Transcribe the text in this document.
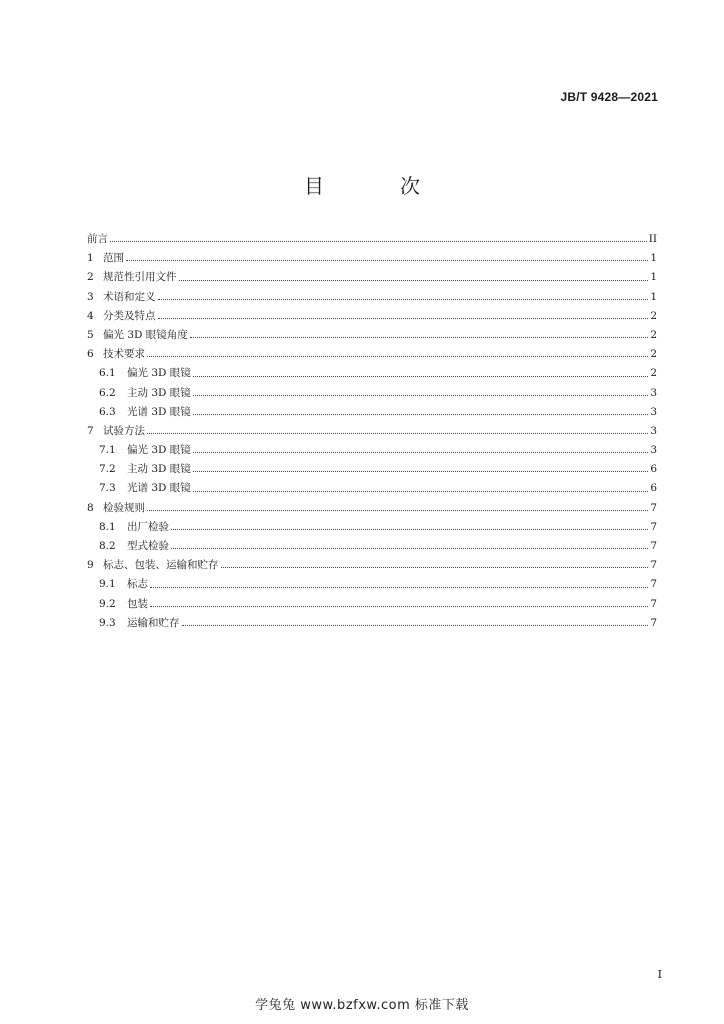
JB/T 9428—2021
目　次
前言	II
1 范围	1
2 规范性引用文件	1
3 术语和定义	1
4 分类及特点	2
5 偏光 3D 眼镜角度	2
6 技术要求	2
6.1	偏光 3D 眼镜	2
6.2	主动 3D 眼镜	3
6.3	光谱 3D 眼镜	3
7 试验方法	3
7.1	偏光 3D 眼镜	3
7.2	主动 3D 眼镜	6
7.3	光谱 3D 眼镜	6
8 检验规则	7
8.1	出厂检验	7
8.2	型式检验	7
9 标志、包装、运输和贮存	7
9.1	标志	7
9.2	包装	7
9.3	运输和贮存	7
I
学兔兔 www.bzfxw.com 标准下载
